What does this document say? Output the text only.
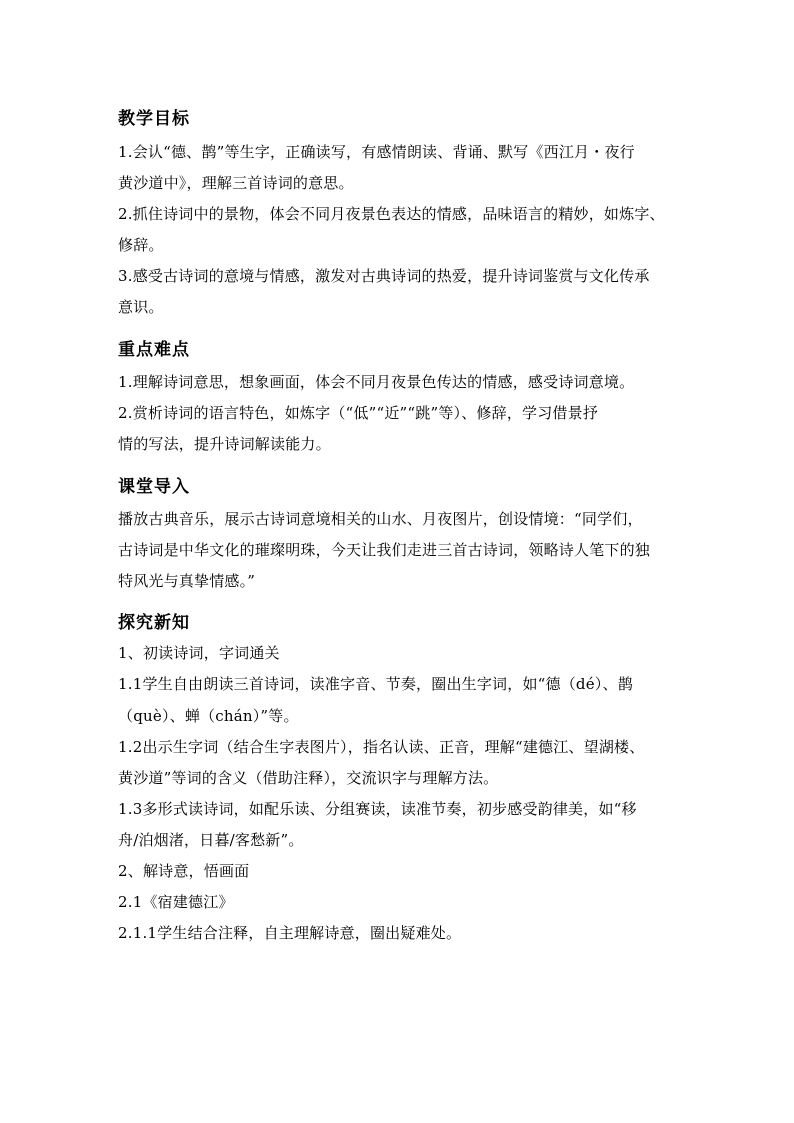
教学目标
1.会认“德、鹊”等生字，正确读写，有感情朗读、背诵、默写《西江月・夜行
黄沙道中》，理解三首诗词的意思。
2.抓住诗词中的景物，体会不同月夜景色表达的情感，品味语言的精妙，如炼字、
修辞。
3.感受古诗词的意境与情感，激发对古典诗词的热爱，提升诗词鉴赏与文化传承
意识。
重点难点
1.理解诗词意思，想象画面，体会不同月夜景色传达的情感，感受诗词意境。
2.赏析诗词的语言特色，如炼字（“低”“近”“跳”等）、修辞，学习借景抒
情的写法，提升诗词解读能力。
课堂导入
播放古典音乐，展示古诗词意境相关的山水、月夜图片，创设情境：“同学们，
古诗词是中华文化的璀璨明珠，今天让我们走进三首古诗词，领略诗人笔下的独
特风光与真挚情感。”
探究新知
1、初读诗词，字词通关
1.1学生自由朗读三首诗词，读准字音、节奏，圈出生字词，如“德（dé）、鹊
（què）、蝉（chán）”等。
1.2出示生字词（结合生字表图片），指名认读、正音，理解“建德江、望湖楼、
黄沙道”等词的含义（借助注释），交流识字与理解方法。
1.3多形式读诗词，如配乐读、分组赛读，读准节奏，初步感受韵律美，如“移
舟/泊烟渚，日暮/客愁新”。
2、解诗意，悟画面
2.1《宿建德江》
2.1.1学生结合注释，自主理解诗意，圈出疑难处。
